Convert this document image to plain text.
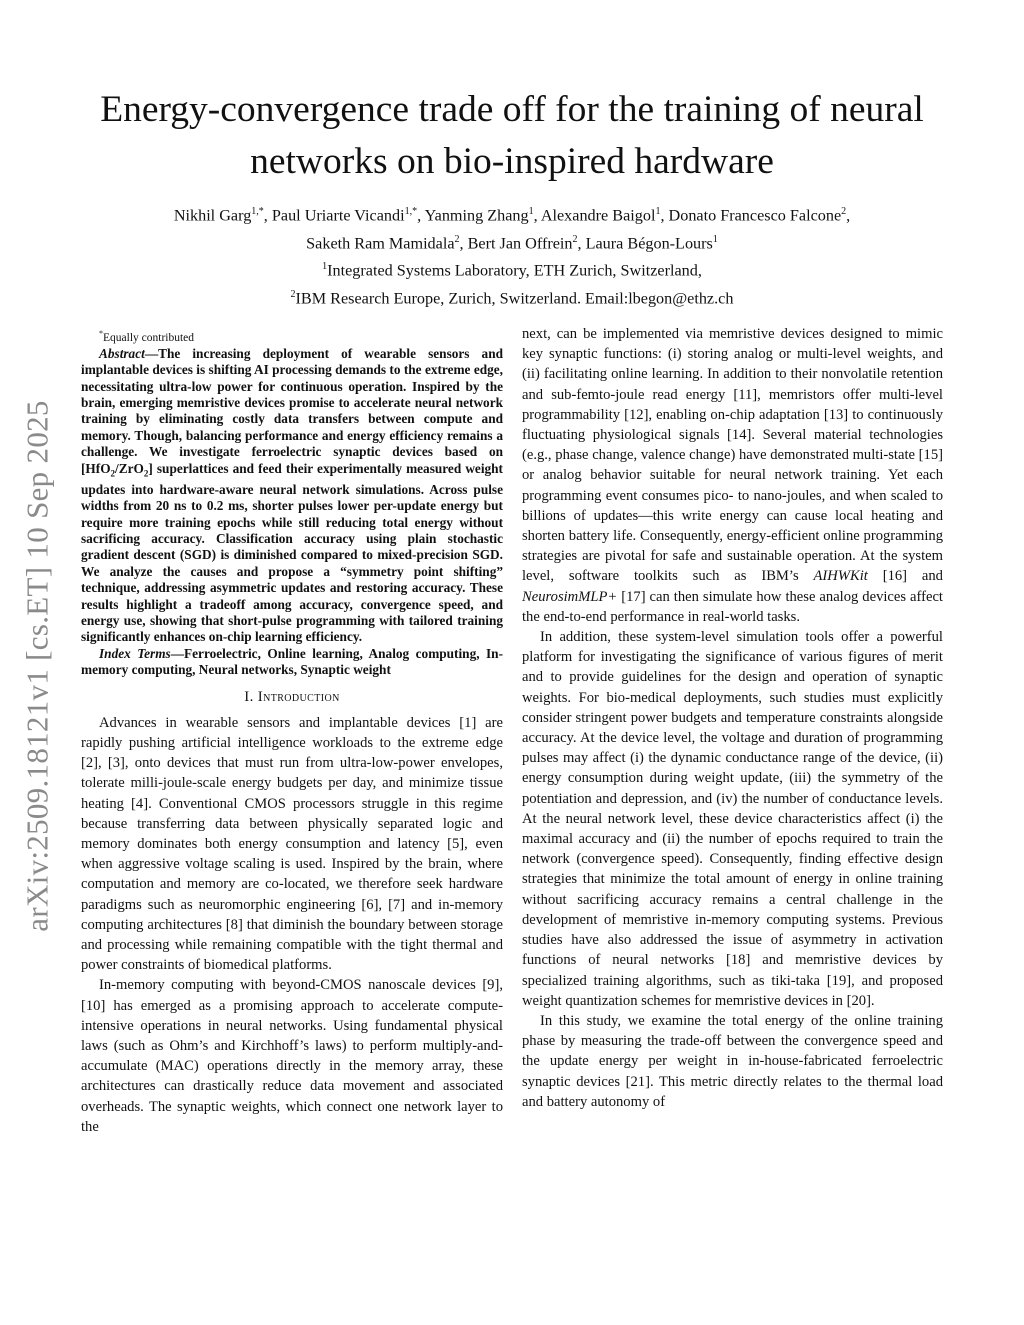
arXiv:2509.18121v1 [cs.ET] 10 Sep 2025
Energy-convergence trade off for the training of neural networks on bio-inspired hardware
Nikhil Garg$^{1,*}$, Paul Uriarte Vicandi$^{1,*}$, Yanming Zhang$^1$, Alexandre Baigol$^1$, Donato Francesco Falcone$^2$,
Saketh Ram Mamidala$^2$, Bert Jan Offrein$^2$, Laura Bégon-Lours$^1$
$^1$Integrated Systems Laboratory, ETH Zurich, Switzerland,
$^2$IBM Research Europe, Zurich, Switzerland. Email:lbegon@ethz.ch
*Equally contributed
Abstract—The increasing deployment of wearable sensors and implantable devices is shifting AI processing demands to the extreme edge, necessitating ultra-low power for continuous operation. Inspired by the brain, emerging memristive devices promise to accelerate neural network training by eliminating costly data transfers between compute and memory. Though, balancing performance and energy efficiency remains a challenge. We investigate ferroelectric synaptic devices based on [HfO$_2$/ZrO$_2$] superlattices and feed their experimentally measured weight updates into hardware-aware neural network simulations. Across pulse widths from 20 ns to 0.2 ms, shorter pulses lower per-update energy but require more training epochs while still reducing total energy without sacrificing accuracy. Classification accuracy using plain stochastic gradient descent (SGD) is diminished compared to mixed-precision SGD. We analyze the causes and propose a “symmetry point shifting” technique, addressing asymmetric updates and restoring accuracy. These results highlight a tradeoff among accuracy, convergence speed, and energy use, showing that short-pulse programming with tailored training significantly enhances on-chip learning efficiency.
Index Terms—Ferroelectric, Online learning, Analog computing, In-memory computing, Neural networks, Synaptic weight
I. Introduction

Advances in wearable sensors and implantable devices [1] are rapidly pushing artificial intelligence workloads to the extreme edge [2], [3], onto devices that must run from ultra-low-power envelopes, tolerate milli-joule-scale energy budgets per day, and minimize tissue heating [4]. Conventional CMOS processors struggle in this regime because transferring data between physically separated logic and memory dominates both energy consumption and latency [5], even when aggressive voltage scaling is used. Inspired by the brain, where computation and memory are co-located, we therefore seek hardware paradigms such as neuromorphic engineering [6], [7] and in-memory computing architectures [8] that diminish the boundary between storage and processing while remaining compatible with the tight thermal and power constraints of biomedical platforms.

In-memory computing with beyond-CMOS nanoscale devices [9], [10] has emerged as a promising approach to accelerate compute-intensive operations in neural networks. Using fundamental physical laws (such as Ohm’s and Kirchhoff’s laws) to perform multiply-and-accumulate (MAC) operations directly in the memory array, these architectures can drastically reduce data movement and associated overheads. The synaptic weights, which connect one network layer to the

next, can be implemented via memristive devices designed to mimic key synaptic functions: (i) storing analog or multi-level weights, and (ii) facilitating online learning. In addition to their nonvolatile retention and sub-femto-joule read energy [11], memristors offer multi-level programmability [12], enabling on-chip adaptation [13] to continuously fluctuating physiological signals [14]. Several material technologies (e.g., phase change, valence change) have demonstrated multi-state [15] or analog behavior suitable for neural network training. Yet each programming event consumes pico- to nano-joules, and when scaled to billions of updates—this write energy can cause local heating and shorten battery life. Consequently, energy-efficient online programming strategies are pivotal for safe and sustainable operation. At the system level, software toolkits such as IBM’s AIHWKit [16] and NeurosimMLP+ [17] can then simulate how these analog devices affect the end-to-end performance in real-world tasks.

In addition, these system-level simulation tools offer a powerful platform for investigating the significance of various figures of merit and to provide guidelines for the design and operation of synaptic weights. For bio-medical deployments, such studies must explicitly consider stringent power budgets and temperature constraints alongside accuracy. At the device level, the voltage and duration of programming pulses may affect (i) the dynamic conductance range of the device, (ii) energy consumption during weight update, (iii) the symmetry of the potentiation and depression, and (iv) the number of conductance levels. At the neural network level, these device characteristics affect (i) the maximal accuracy and (ii) the number of epochs required to train the network (convergence speed). Consequently, finding effective design strategies that minimize the total amount of energy in online training without sacrificing accuracy remains a central challenge in the development of memristive in-memory computing systems. Previous studies have also addressed the issue of asymmetry in activation functions of neural networks [18] and memristive devices by specialized training algorithms, such as tiki-taka [19], and proposed weight quantization schemes for memristive devices in [20].

In this study, we examine the total energy of the online training phase by measuring the trade-off between the convergence speed and the update energy per weight in in-house-fabricated ferroelectric synaptic devices [21]. This metric directly relates to the thermal load and battery autonomy of
